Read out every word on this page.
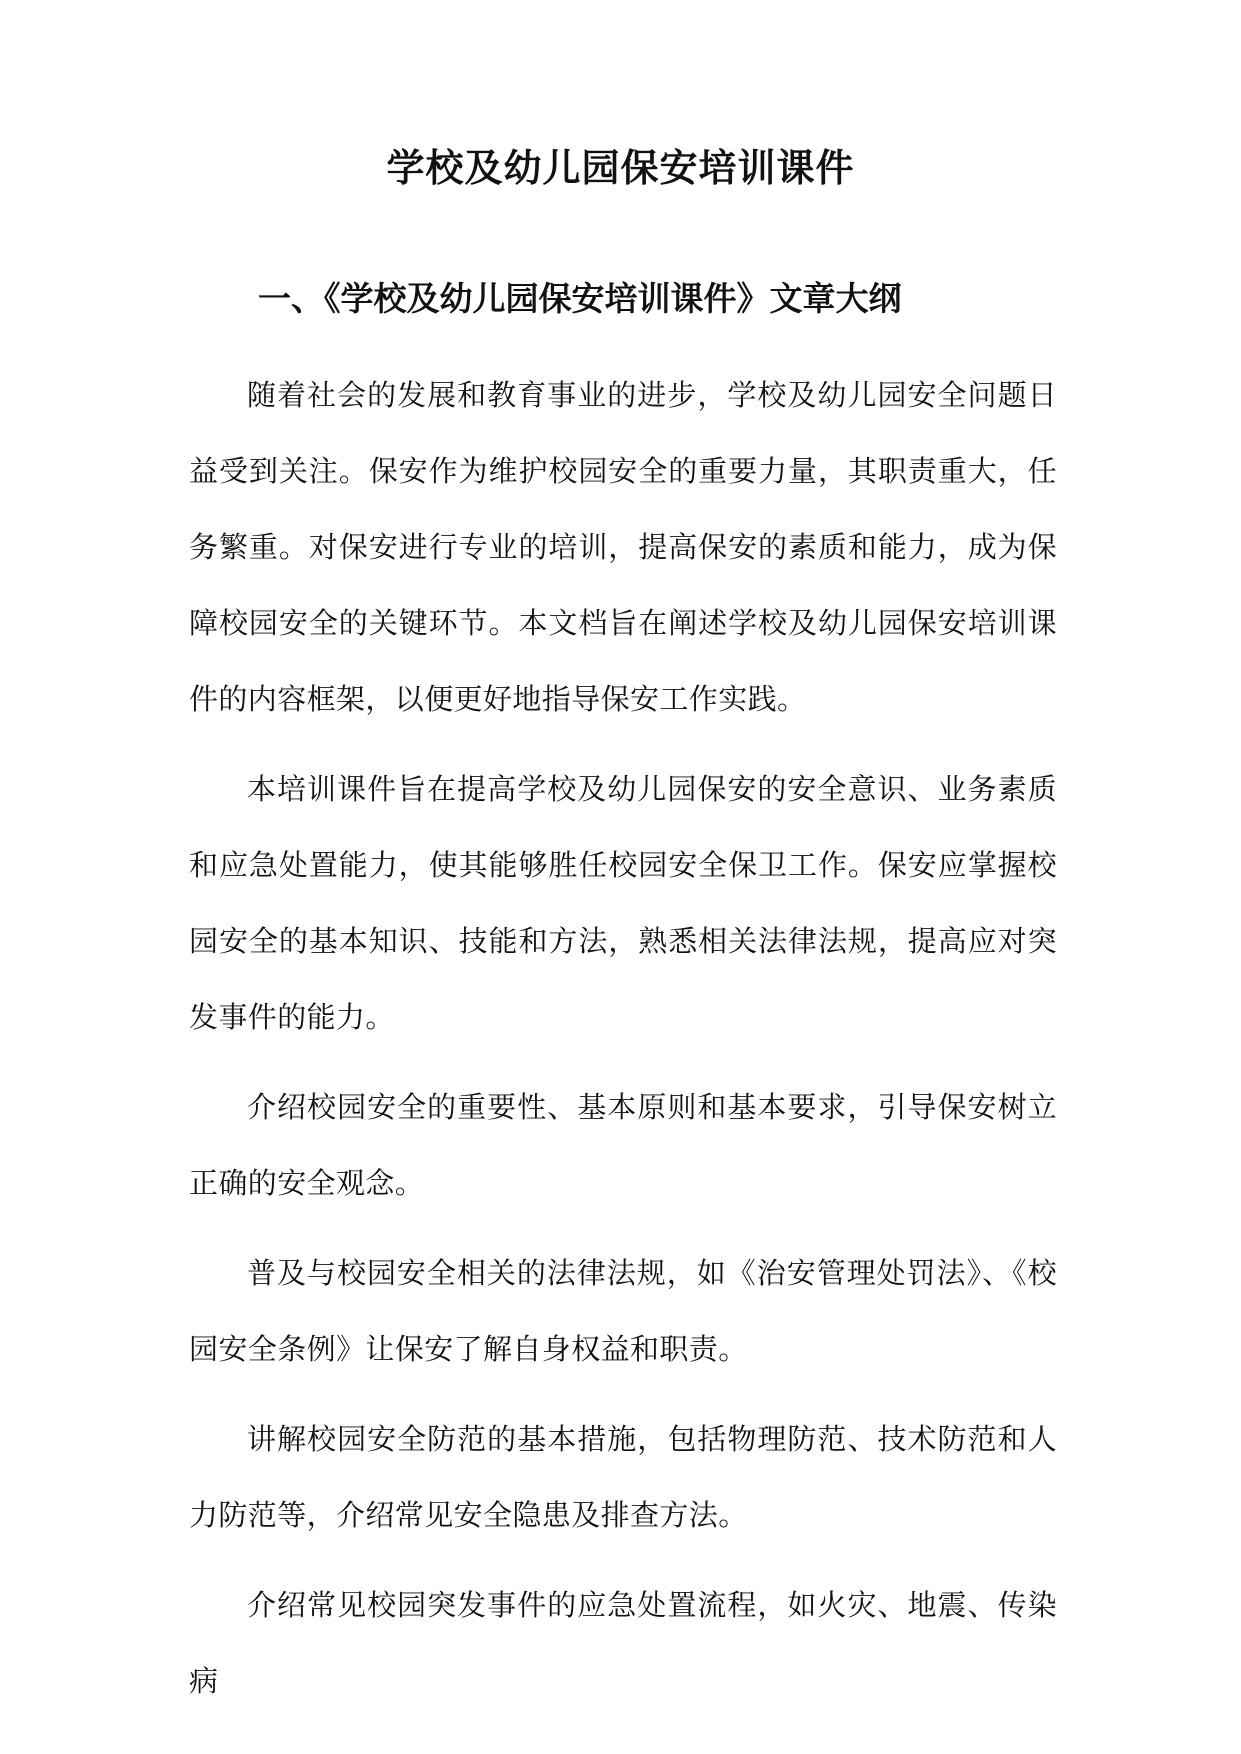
学校及幼儿园保安培训课件
一、《学校及幼儿园保安培训课件》文章大纲

随着社会的发展和教育事业的进步，学校及幼儿园安全问题日益受到关注。保安作为维护校园安全的重要力量，其职责重大，任务繁重。对保安进行专业的培训，提高保安的素质和能力，成为保障校园安全的关键环节。本文档旨在阐述学校及幼儿园保安培训课件的内容框架，以便更好地指导保安工作实践。

本培训课件旨在提高学校及幼儿园保安的安全意识、业务素质和应急处置能力，使其能够胜任校园安全保卫工作。保安应掌握校园安全的基本知识、技能和方法，熟悉相关法律法规，提高应对突发事件的能力。

介绍校园安全的重要性、基本原则和基本要求，引导保安树立正确的安全观念。

普及与校园安全相关的法律法规，如《治安管理处罚法》、《校园安全条例》让保安了解自身权益和职责。

讲解校园安全防范的基本措施，包括物理防范、技术防范和人力防范等，介绍常见安全隐患及排查方法。

介绍常见校园突发事件的应急处置流程，如火灾、地震、传染病
